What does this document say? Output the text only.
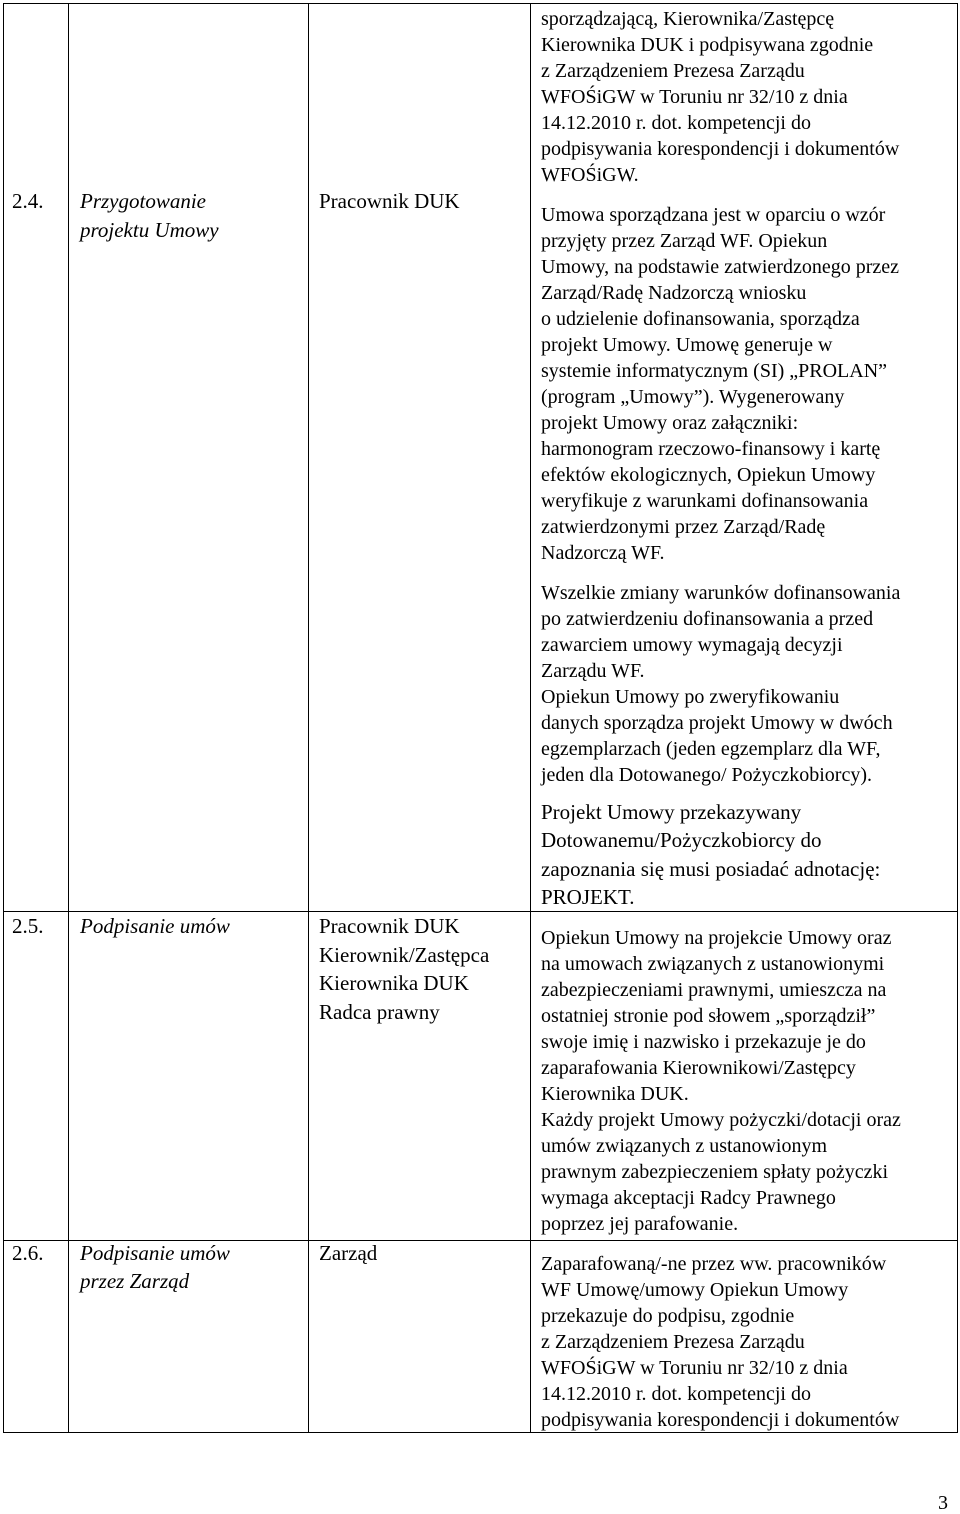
2.4. Przygotowanie
projektu Umowy
Pracownik DUK
sporządzającą, Kierownika/Zastępcę
Kierownika DUK i podpisywana zgodnie
z Zarządzeniem Prezesa Zarządu
WFOŚiGW w Toruniu nr 32/10 z dnia
14.12.2010 r. dot. kompetencji do
podpisywania korespondencji i dokumentów
WFOŚiGW.
Umowa sporządzana jest w oparciu o wzór
przyjęty przez Zarząd WF. Opiekun
Umowy, na podstawie zatwierdzonego przez
Zarząd/Radę Nadzorczą wniosku
o udzielenie dofinansowania, sporządza
projekt Umowy. Umowę generuje w
systemie informatycznym (SI) „PROLAN”
(program „Umowy”). Wygenerowany
projekt Umowy oraz załączniki:
harmonogram rzeczowo-finansowy i kartę
efektów ekologicznych, Opiekun Umowy
weryfikuje z warunkami dofinansowania
zatwierdzonymi przez Zarząd/Radę
Nadzorczą WF.
Wszelkie zmiany warunków dofinansowania
po zatwierdzeniu dofinansowania a przed
zawarciem umowy wymagają decyzji
Zarządu WF.
Opiekun Umowy po zweryfikowaniu
danych sporządza projekt Umowy w dwóch
egzemplarzach (jeden egzemplarz dla WF,
jeden dla Dotowanego/ Pożyczkobiorcy).
Projekt Umowy przekazywany
Dotowanemu/Pożyczkobiorcy do
zapoznania się musi posiadać adnotację:
PROJEKT.
2.5. Podpisanie umów	Pracownik DUK
Kierownik/Zastępca
Kierownika DUK
Radca prawny
Opiekun Umowy na projekcie Umowy oraz
na umowach związanych z ustanowionymi
zabezpieczeniami prawnymi, umieszcza na
ostatniej stronie pod słowem „sporządził”
swoje imię i nazwisko i przekazuje je do
zaparafowania Kierownikowi/Zastępcy
Kierownika DUK.
Każdy projekt Umowy pożyczki/dotacji oraz
umów związanych z ustanowionym
prawnym zabezpieczeniem spłaty pożyczki
wymaga akceptacji Radcy Prawnego
poprzez jej parafowanie.
2.6. Podpisanie umów
przez Zarząd
Zarząd	Zaparafowaną/-ne przez ww. pracowników
WF Umowę/umowy Opiekun Umowy
przekazuje do podpisu, zgodnie
z Zarządzeniem Prezesa Zarządu
WFOŚiGW w Toruniu nr 32/10 z dnia
14.12.2010 r. dot. kompetencji do
podpisywania korespondencji i dokumentów
3
